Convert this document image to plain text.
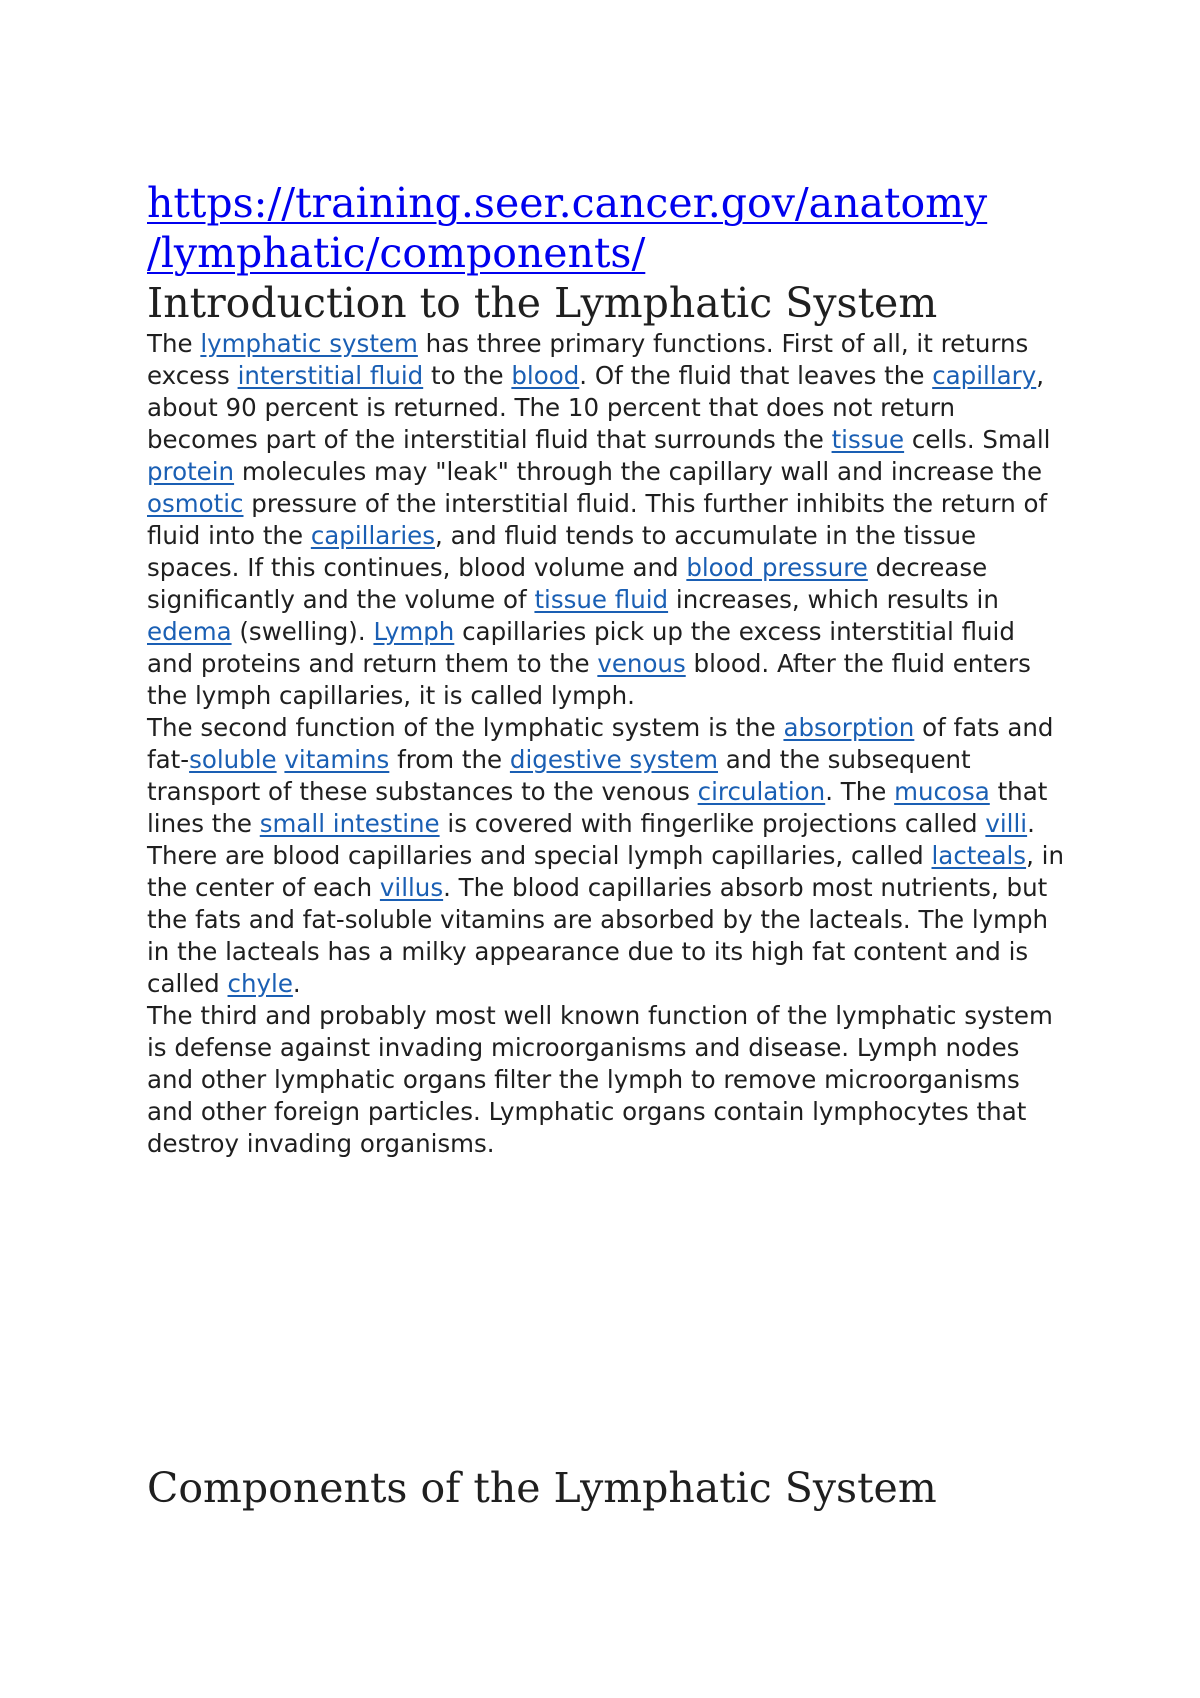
https://training.seer.cancer.gov/anatomy
/lymphatic/components/
Introduction to the Lymphatic System

The lymphatic system has three primary functions. First of all, it returns excess interstitial fluid to the blood. Of the fluid that leaves the capillary, about 90 percent is returned. The 10 percent that does not return becomes part of the interstitial fluid that surrounds the tissue cells. Small protein molecules may "leak" through the capillary wall and increase the osmotic pressure of the interstitial fluid. This further inhibits the return of fluid into the capillaries, and fluid tends to accumulate in the tissue spaces. If this continues, blood volume and blood pressure decrease significantly and the volume of tissue fluid increases, which results in edema (swelling). Lymph capillaries pick up the excess interstitial fluid and proteins and return them to the venous blood. After the fluid enters the lymph capillaries, it is called lymph.

The second function of the lymphatic system is the absorption of fats and fat-soluble vitamins from the digestive system and the subsequent transport of these substances to the venous circulation. The mucosa that lines the small intestine is covered with fingerlike projections called villi. There are blood capillaries and special lymph capillaries, called lacteals, in the center of each villus. The blood capillaries absorb most nutrients, but the fats and fat-soluble vitamins are absorbed by the lacteals. The lymph in the lacteals has a milky appearance due to its high fat content and is called chyle.

The third and probably most well known function of the lymphatic system is defense against invading microorganisms and disease. Lymph nodes and other lymphatic organs filter the lymph to remove microorganisms and other foreign particles. Lymphatic organs contain lymphocytes that destroy invading organisms.

Components of the Lymphatic System
